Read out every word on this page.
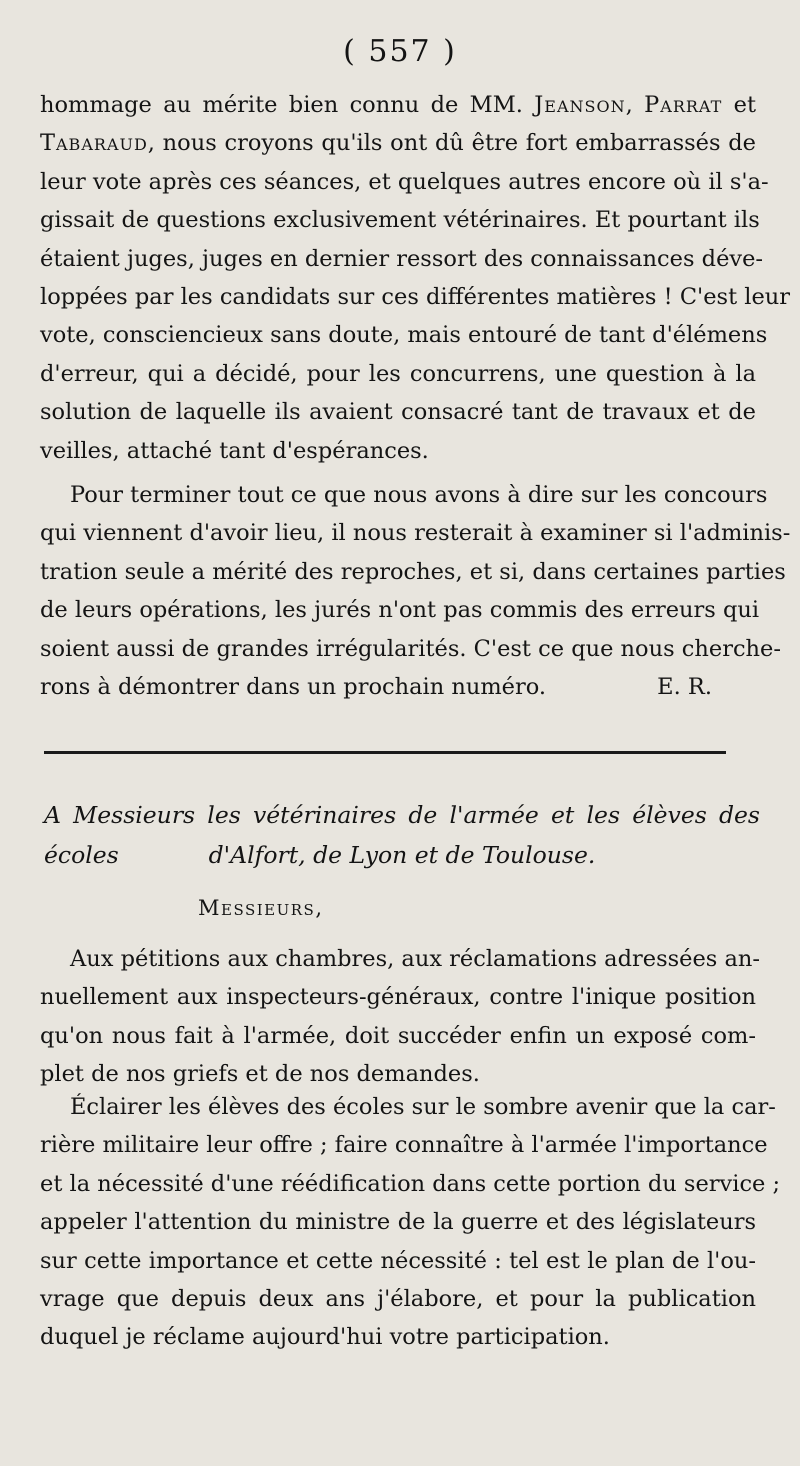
( 557 )
hommage au mérite bien connu de MM. Jeanson, Parrat et
Tabaraud, nous croyons qu'ils ont dû être fort embarrassés de
leur vote après ces séances, et quelques autres encore où il s'a-
gissait de questions exclusivement vétérinaires. Et pourtant ils
étaient juges, juges en dernier ressort des connaissances déve-
loppées par les candidats sur ces différentes matières ! C'est leur
vote, consciencieux sans doute, mais entouré de tant d'élémens
d'erreur, qui a décidé, pour les concurrens, une question à la
solution de laquelle ils avaient consacré tant de travaux et de
veilles, attaché tant d'espérances.
Pour terminer tout ce que nous avons à dire sur les concours
qui viennent d'avoir lieu, il nous resterait à examiner si l'adminis-
tration seule a mérité des reproches, et si, dans certaines parties
de leurs opérations, les jurés n'ont pas commis des erreurs qui
soient aussi de grandes irrégularités. C'est ce que nous cherche-
rons à démontrer dans un prochain numéro.	E. R.
A Messieurs les vétérinaires de l'armée et les élèves des écoles	d'Alfort, de Lyon et de Toulouse.
Messieurs,
Aux pétitions aux chambres, aux réclamations adressées an-
nuellement aux inspecteurs-généraux, contre l'inique position
qu'on nous fait à l'armée, doit succéder enfin un exposé com-
plet de nos griefs et de nos demandes.
Éclairer les élèves des écoles sur le sombre avenir que la car-
rière militaire leur offre ; faire connaître à l'armée l'importance
et la nécessité d'une réédification dans cette portion du service ;
appeler l'attention du ministre de la guerre et des législateurs
sur cette importance et cette nécessité : tel est le plan de l'ou-
vrage que depuis deux ans j'élabore, et pour la publication
duquel je réclame aujourd'hui votre participation.
